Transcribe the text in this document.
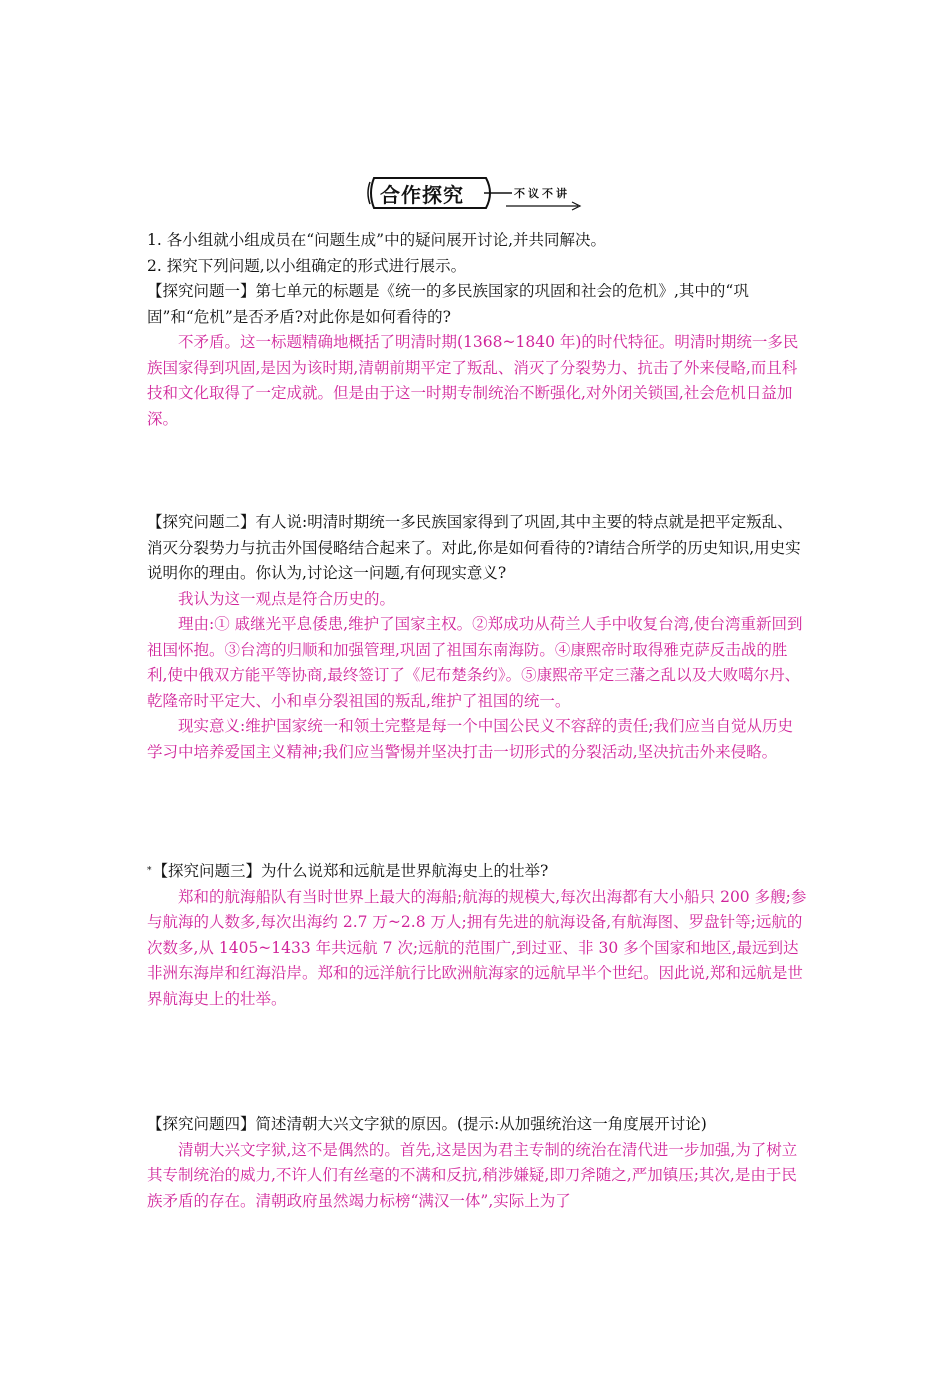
合作探究	不议不讲

1. 各小组就小组成员在“问题生成”中的疑问展开讨论,并共同解决。

2. 探究下列问题,以小组确定的形式进行展示。

【探究问题一】第七单元的标题是《统一的多民族国家的巩固和社会的危机》,其中的“巩固”和“危机”是否矛盾?对此你是如何看待的?

不矛盾。这一标题精确地概括了明清时期(1368~1840 年)的时代特征。明清时期统一多民族国家得到巩固,是因为该时期,清朝前期平定了叛乱、消灭了分裂势力、抗击了外来侵略,而且科技和文化取得了一定成就。但是由于这一时期专制统治不断强化,对外闭关锁国,社会危机日益加深。

【探究问题二】有人说:明清时期统一多民族国家得到了巩固,其中主要的特点就是把平定叛乱、消灭分裂势力与抗击外国侵略结合起来了。对此,你是如何看待的?请结合所学的历史知识,用史实说明你的理由。你认为,讨论这一问题,有何现实意义?

我认为这一观点是符合历史的。

理由:① 戚继光平息倭患,维护了国家主权。②郑成功从荷兰人手中收复台湾,使台湾重新回到祖国怀抱。③台湾的归顺和加强管理,巩固了祖国东南海防。④康熙帝时取得雅克萨反击战的胜利,使中俄双方能平等协商,最终签订了《尼布楚条约》。⑤康熙帝平定三藩之乱以及大败噶尔丹、乾隆帝时平定大、小和卓分裂祖国的叛乱,维护了祖国的统一。

现实意义:维护国家统一和领土完整是每一个中国公民义不容辞的责任;我们应当自觉从历史学习中培养爱国主义精神;我们应当警惕并坚决打击一切形式的分裂活动,坚决抗击外来侵略。

*【探究问题三】为什么说郑和远航是世界航海史上的壮举?

郑和的航海船队有当时世界上最大的海船;航海的规模大,每次出海都有大小船只 200 多艘;参与航海的人数多,每次出海约 2.7 万~2.8 万人;拥有先进的航海设备,有航海图、罗盘针等;远航的次数多,从 1405~1433 年共远航 7 次;远航的范围广,到过亚、非 30 多个国家和地区,最远到达非洲东海岸和红海沿岸。郑和的远洋航行比欧洲航海家的远航早半个世纪。因此说,郑和远航是世界航海史上的壮举。

【探究问题四】简述清朝大兴文字狱的原因。(提示:从加强统治这一角度展开讨论)

清朝大兴文字狱,这不是偶然的。首先,这是因为君主专制的统治在清代进一步加强,为了树立其专制统治的威力,不许人们有丝毫的不满和反抗,稍涉嫌疑,即刀斧随之,严加镇压;其次,是由于民族矛盾的存在。清朝政府虽然竭力标榜“满汉一体”,实际上为了
